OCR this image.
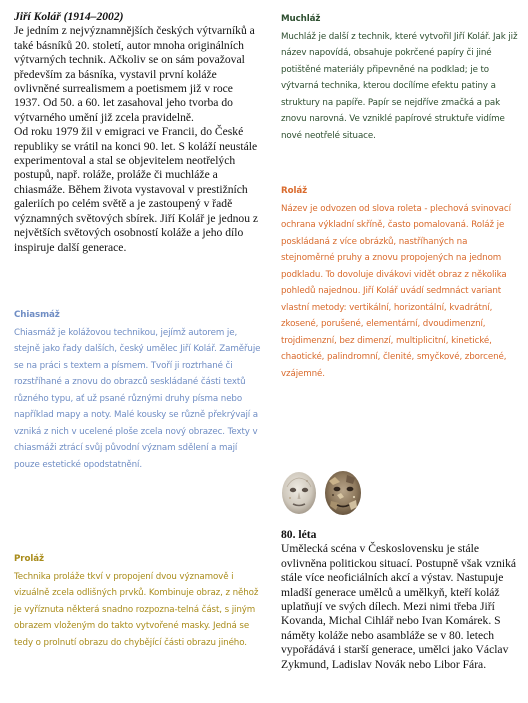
Jiří Kolář (1914–2002)

Je jedním z nejvýznamnějších českých výtvarníků a také básníků 20. století, autor mnoha originálních výtvarných technik. Ačkoliv se on sám považoval především za básníka, vystavil první koláže ovlivněné surrealismem a poetismem již v roce 1937. Od 50. a 60. let zasahoval jeho tvorba do výtvarného umění již zcela pravidelně.

Od roku 1979 žil v emigraci ve Francii, do České republiky se vrátil na konci 90. let. S koláží neustále experimentoval a stal se objevitelem neotřelých postupů, např. roláže, proláže či muchláže a chiasmáže. Během života vystavoval v prestižních galeriích po celém světě a je zastoupený v řadě významných světových sbírek. Jiří Kolář je jednou z největších světových osobností koláže a jeho dílo inspiruje další generace.

Chiasmáž
Chiasmáž je kolážovou technikou, jejímž autorem je, stejně jako řady dalších, český umělec Jiří Kolář. Zaměřuje se na práci s textem a písmem. Tvoří ji roztrhané či rozstříhané a znovu do obrazců seskládané části textů různého typu, ať už psané různými druhy písma nebo například mapy a noty. Malé kousky se různě překrývají a vzniká z nich v ucelené ploše zcela nový obrazec. Texty v chiasmáži ztrácí svůj původní význam sdělení a mají pouze estetické opodstatnění.
Proláž
Technika proláže tkví v propojení dvou významově i vizuálně zcela odlišných prvků. Kombinuje obraz, z něhož je vyříznuta některá snadno rozpozna-telná část, s jiným obrazem vloženým do takto vytvořené masky. Jedná se tedy o prolnutí obrazu do chybějící části obrazu jiného.
Muchláž
Muchláž je další z technik, které vytvořil Jiří Kolář. Jak již název napovídá, obsahuje pokrčené papíry či jiné potištěné materiály připevněné na podklad; je to výtvarná technika, kterou docílíme efektu patiny a struktury na papíře. Papír se nejdříve zmačká a pak znovu narovná. Ve vzniklé papírové struktuře vidíme nové neotřelé situace.
Roláž
Název je odvozen od slova roleta - plechová svinovací ochrana výkladní skříně, často pomalovaná. Roláž je poskládaná z více obrázků, nastříhaných na stejnoměrné pruhy a znovu propojených na jednom podkladu. To dovoluje divákovi vidět obraz z několika pohledů najednou. Jiří Kolář uvádí sedmnáct variant vlastní metody: vertikální, horizontální, kvadrátní, zkosené, porušené, elementární, dvoudimenzní, trojdimenzní, bez dimenzí, multiplicitní, kinetické, chaotické, palindromní, členité, smyčkové, zborcené, vzájemné.
80. léta

Umělecká scéna v Československu je stále ovlivněna politickou situací. Postupně však vzniká stále více neoficiálních akcí a výstav. Nastupuje mladší generace umělců a umělkyň, kteří koláž uplatňují ve svých dílech. Mezi nimi třeba Jiří Kovanda, Michal Cihlář nebo Ivan Komárek. S náměty koláže nebo asambláže se v 80. letech vypořádává i starší generace, umělci jako Václav Zykmund, Ladislav Novák nebo Libor Fára.
